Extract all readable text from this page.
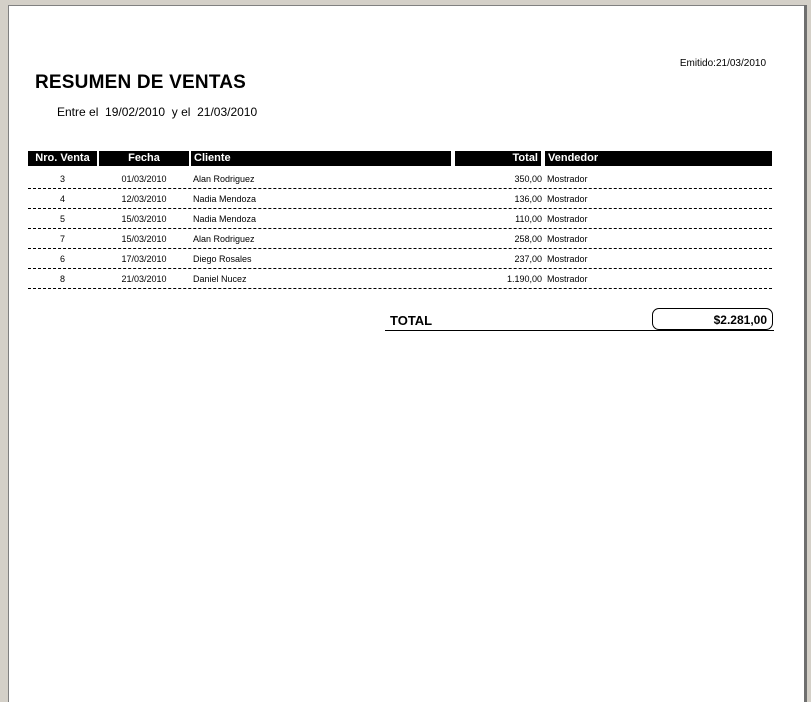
Emitido:21/03/2010
RESUMEN DE VENTAS
Entre el  19/02/2010  y el  21/03/2010
Nro. Venta	Fecha	Cliente	Total Vendedor
3	01/03/2010	Alan Rodriguez	350,00 Mostrador
4	12/03/2010	Nadia Mendoza	136,00 Mostrador
5	15/03/2010	Nadia Mendoza	110,00 Mostrador
7	15/03/2010	Alan Rodriguez	258,00 Mostrador
6	17/03/2010	Diego Rosales	237,00 Mostrador
8	21/03/2010	Daniel Nucez	1.190,00 Mostrador
TOTAL	$2.281,00
